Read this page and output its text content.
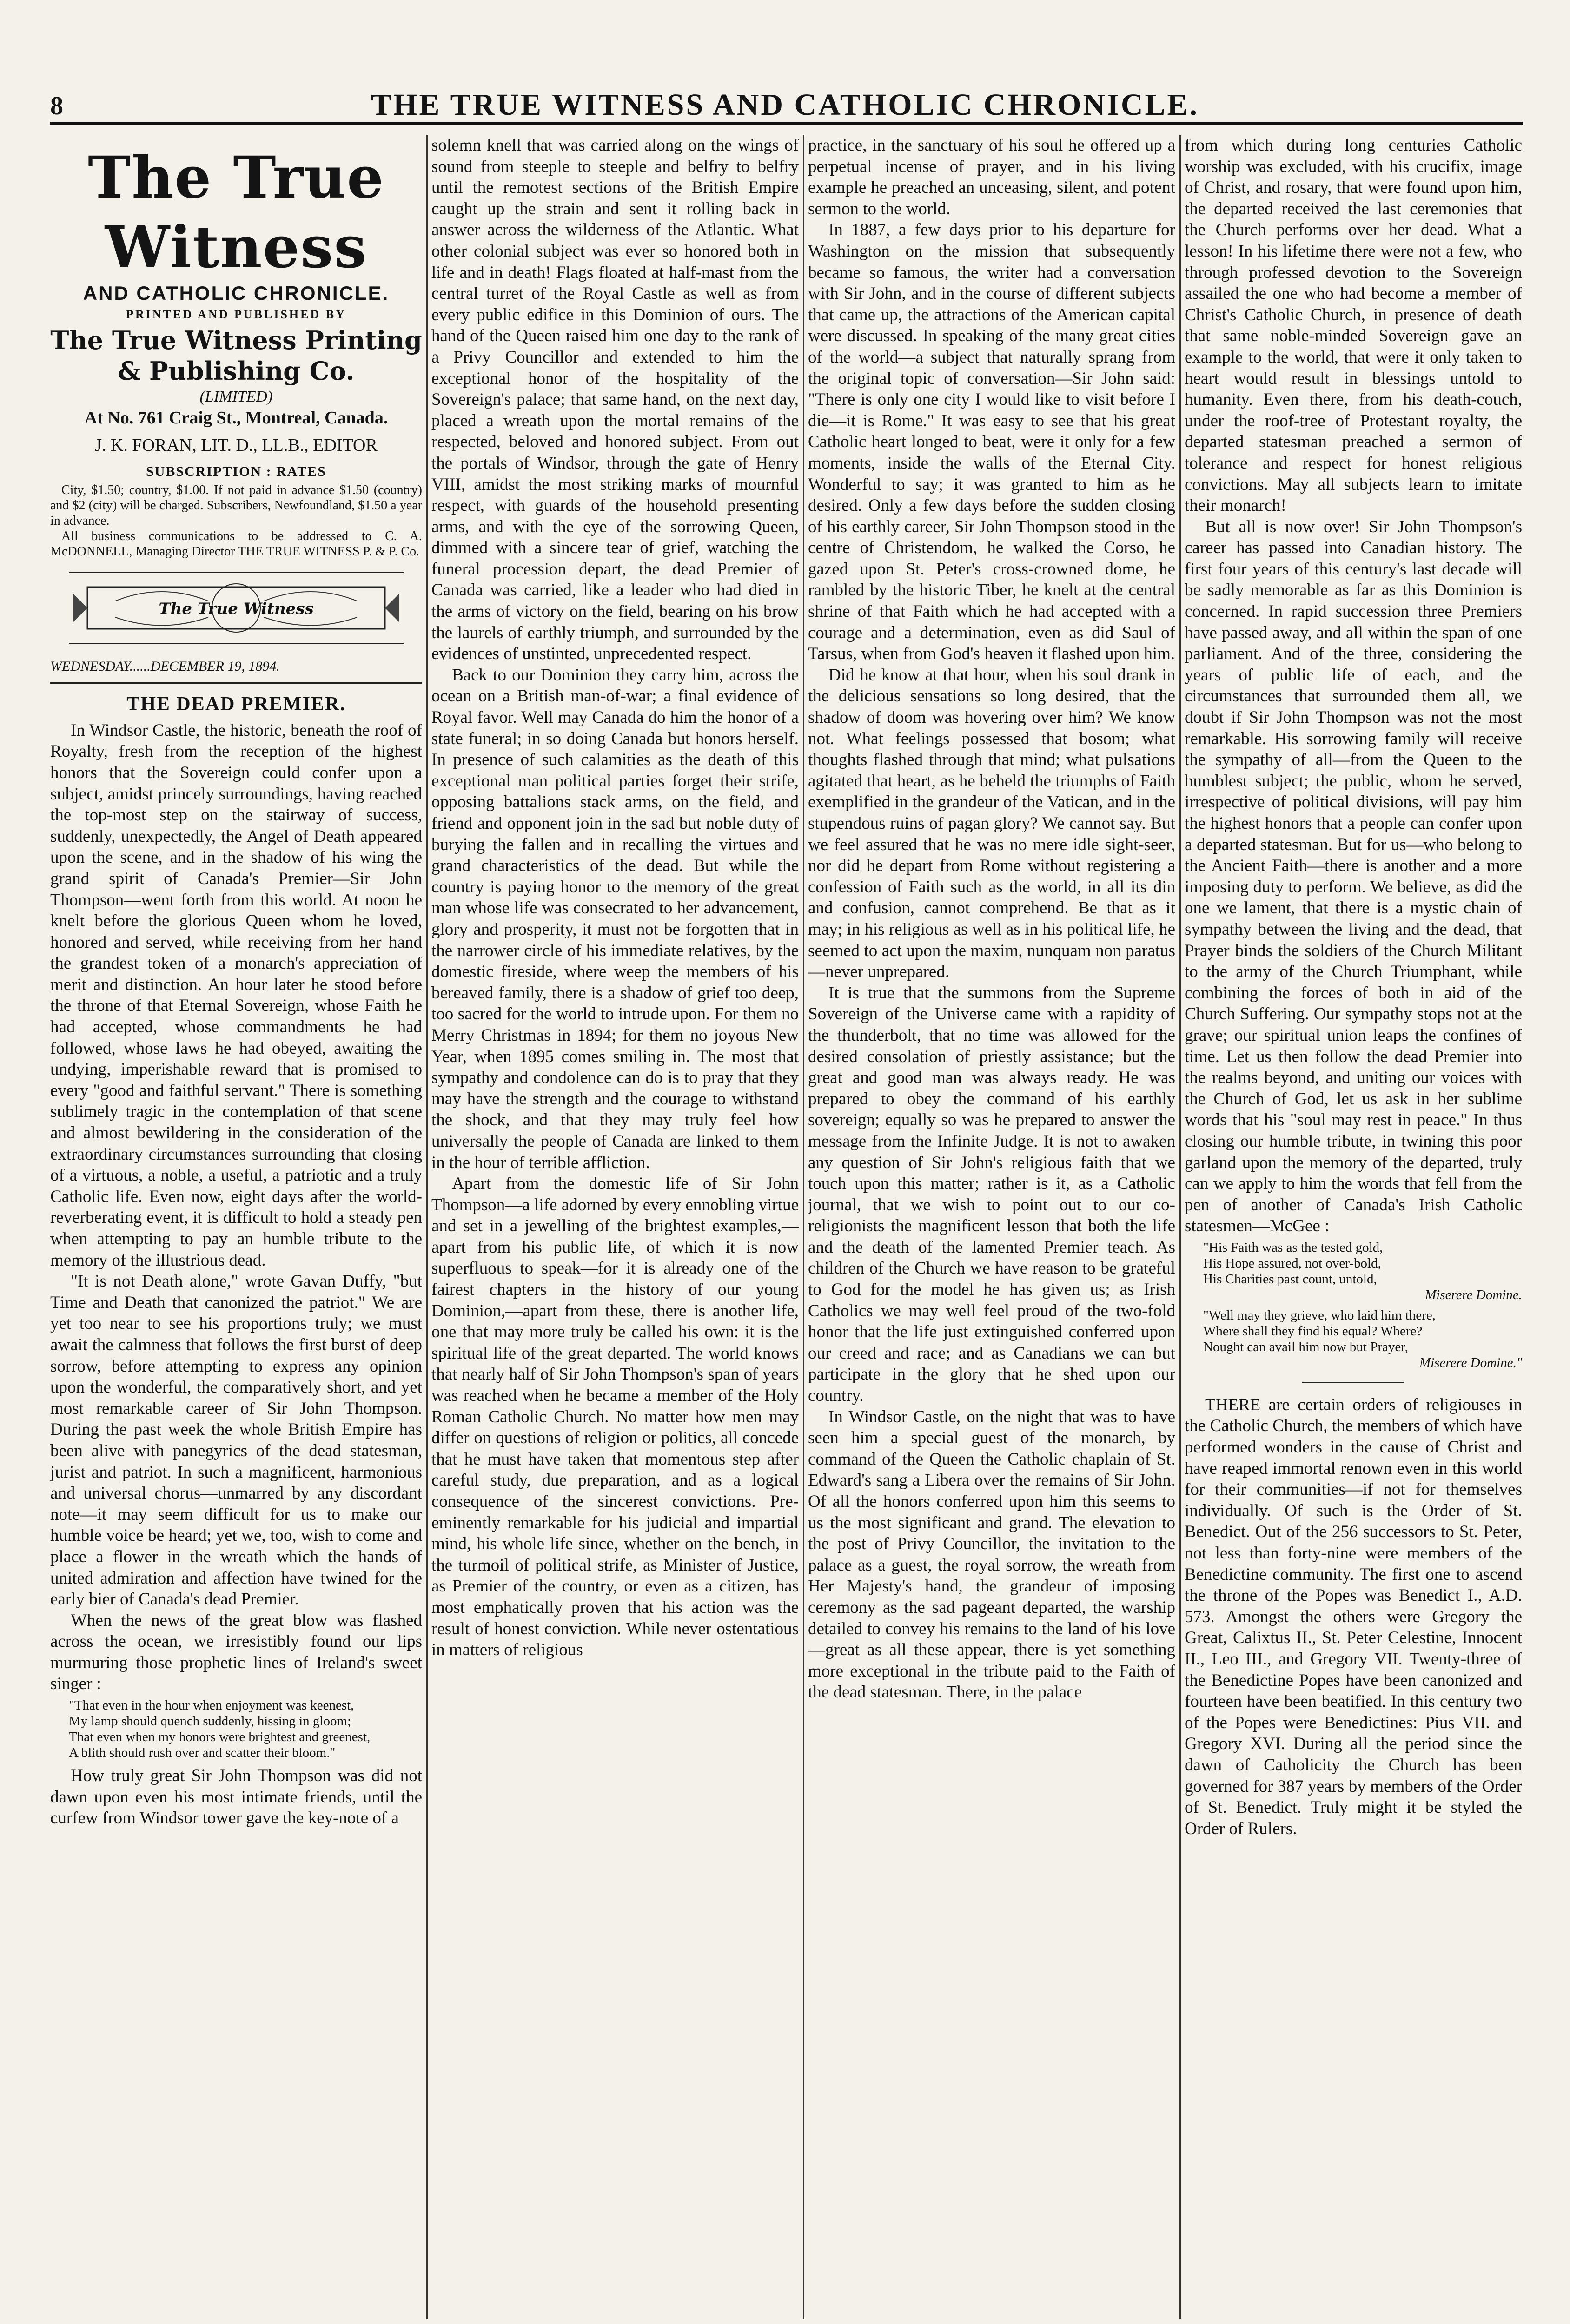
8	THE TRUE WITNESS AND CATHOLIC CHRONICLE.
The True Witness
AND CATHOLIC CHRONICLE.
PRINTED AND PUBLISHED BY
The True Witness Printing & Publishing Co.
(LIMITED)
At No. 761 Craig St., Montreal, Canada.
J. K. FORAN, LIT. D., LL.B., EDITOR
SUBSCRIPTION : RATES

City, $1.50; country, $1.00. If not paid in advance $1.50 (country) and $2 (city) will be charged. Subscribers, Newfoundland, $1.50 a year in advance.

All business communications to be addressed to C. A. McDONNELL, Managing Director THE TRUE WITNESS P. & P. Co.

The True Witness
WEDNESDAY......DECEMBER 19, 1894.
THE DEAD PREMIER.

In Windsor Castle, the historic, beneath the roof of Royalty, fresh from the reception of the highest honors that the Sovereign could confer upon a subject, amidst princely surroundings, having reached the top-most step on the stairway of success, suddenly, unexpectedly, the Angel of Death appeared upon the scene, and in the shadow of his wing the grand spirit of Canada's Premier—Sir John Thompson—went forth from this world. At noon he knelt before the glorious Queen whom he loved, honored and served, while receiving from her hand the grandest token of a monarch's appreciation of merit and distinction. An hour later he stood before the throne of that Eternal Sovereign, whose Faith he had accepted, whose commandments he had followed, whose laws he had obeyed, awaiting the undying, imperishable reward that is promised to every "good and faithful servant." There is something sublimely tragic in the contemplation of that scene and almost bewildering in the consideration of the extraordinary circumstances surrounding that closing of a virtuous, a noble, a useful, a patriotic and a truly Catholic life. Even now, eight days after the world-reverberating event, it is difficult to hold a steady pen when attempting to pay an humble tribute to the memory of the illustrious dead.

"It is not Death alone," wrote Gavan Duffy, "but Time and Death that canonized the patriot." We are yet too near to see his proportions truly; we must await the calmness that follows the first burst of deep sorrow, before attempting to express any opinion upon the wonderful, the comparatively short, and yet most remarkable career of Sir John Thompson. During the past week the whole British Empire has been alive with panegyrics of the dead statesman, jurist and patriot. In such a magnificent, harmonious and universal chorus—unmarred by any discordant note—it may seem difficult for us to make our humble voice be heard; yet we, too, wish to come and place a flower in the wreath which the hands of united admiration and affection have twined for the early bier of Canada's dead Premier.

When the news of the great blow was flashed across the ocean, we irresistibly found our lips murmuring those prophetic lines of Ireland's sweet singer :

"That even in the hour when enjoyment was keenest,
My lamp should quench suddenly, hissing in gloom;
That even when my honors were brightest and greenest,
A blith should rush over and scatter their bloom."

How truly great Sir John Thompson was did not dawn upon even his most intimate friends, until the curfew from Windsor tower gave the key-note of a

solemn knell that was carried along on the wings of sound from steeple to steeple and belfry to belfry until the remotest sections of the British Empire caught up the strain and sent it rolling back in answer across the wilderness of the Atlantic. What other colonial subject was ever so honored both in life and in death! Flags floated at half-mast from the central turret of the Royal Castle as well as from every public edifice in this Dominion of ours. The hand of the Queen raised him one day to the rank of a Privy Councillor and extended to him the exceptional honor of the hospitality of the Sovereign's palace; that same hand, on the next day, placed a wreath upon the mortal remains of the respected, beloved and honored subject. From out the portals of Windsor, through the gate of Henry VIII, amidst the most striking marks of mournful respect, with guards of the household presenting arms, and with the eye of the sorrowing Queen, dimmed with a sincere tear of grief, watching the funeral procession depart, the dead Premier of Canada was carried, like a leader who had died in the arms of victory on the field, bearing on his brow the laurels of earthly triumph, and surrounded by the evidences of unstinted, unprecedented respect.

Back to our Dominion they carry him, across the ocean on a British man-of-war; a final evidence of Royal favor. Well may Canada do him the honor of a state funeral; in so doing Canada but honors herself. In presence of such calamities as the death of this exceptional man political parties forget their strife, opposing battalions stack arms, on the field, and friend and opponent join in the sad but noble duty of burying the fallen and in recalling the virtues and grand characteristics of the dead. But while the country is paying honor to the memory of the great man whose life was consecrated to her advancement, glory and prosperity, it must not be forgotten that in the narrower circle of his immediate relatives, by the domestic fireside, where weep the members of his bereaved family, there is a shadow of grief too deep, too sacred for the world to intrude upon. For them no Merry Christmas in 1894; for them no joyous New Year, when 1895 comes smiling in. The most that sympathy and condolence can do is to pray that they may have the strength and the courage to withstand the shock, and that they may truly feel how universally the people of Canada are linked to them in the hour of terrible affliction.

Apart from the domestic life of Sir John Thompson—a life adorned by every ennobling virtue and set in a jewelling of the brightest examples,—apart from his public life, of which it is now superfluous to speak—for it is already one of the fairest chapters in the history of our young Dominion,—apart from these, there is another life, one that may more truly be called his own: it is the spiritual life of the great departed. The world knows that nearly half of Sir John Thompson's span of years was reached when he became a member of the Holy Roman Catholic Church. No matter how men may differ on questions of religion or politics, all concede that he must have taken that momentous step after careful study, due preparation, and as a logical consequence of the sincerest convictions. Pre-eminently remarkable for his judicial and impartial mind, his whole life since, whether on the bench, in the turmoil of political strife, as Minister of Justice, as Premier of the country, or even as a citizen, has most emphatically proven that his action was the result of honest conviction. While never ostentatious in matters of religious

practice, in the sanctuary of his soul he offered up a perpetual incense of prayer, and in his living example he preached an unceasing, silent, and potent sermon to the world.

In 1887, a few days prior to his departure for Washington on the mission that subsequently became so famous, the writer had a conversation with Sir John, and in the course of different subjects that came up, the attractions of the American capital were discussed. In speaking of the many great cities of the world—a subject that naturally sprang from the original topic of conversation—Sir John said: "There is only one city I would like to visit before I die—it is Rome." It was easy to see that his great Catholic heart longed to beat, were it only for a few moments, inside the walls of the Eternal City. Wonderful to say; it was granted to him as he desired. Only a few days before the sudden closing of his earthly career, Sir John Thompson stood in the centre of Christendom, he walked the Corso, he gazed upon St. Peter's cross-crowned dome, he rambled by the historic Tiber, he knelt at the central shrine of that Faith which he had accepted with a courage and a determination, even as did Saul of Tarsus, when from God's heaven it flashed upon him.

Did he know at that hour, when his soul drank in the delicious sensations so long desired, that the shadow of doom was hovering over him? We know not. What feelings possessed that bosom; what thoughts flashed through that mind; what pulsations agitated that heart, as he beheld the triumphs of Faith exemplified in the grandeur of the Vatican, and in the stupendous ruins of pagan glory? We cannot say. But we feel assured that he was no mere idle sight-seer, nor did he depart from Rome without registering a confession of Faith such as the world, in all its din and confusion, cannot comprehend. Be that as it may; in his religious as well as in his political life, he seemed to act upon the maxim, nunquam non paratus—never unprepared.

It is true that the summons from the Supreme Sovereign of the Universe came with a rapidity of the thunderbolt, that no time was allowed for the desired consolation of priestly assistance; but the great and good man was always ready. He was prepared to obey the command of his earthly sovereign; equally so was he prepared to answer the message from the Infinite Judge. It is not to awaken any question of Sir John's religious faith that we touch upon this matter; rather is it, as a Catholic journal, that we wish to point out to our co-religionists the magnificent lesson that both the life and the death of the lamented Premier teach. As children of the Church we have reason to be grateful to God for the model he has given us; as Irish Catholics we may well feel proud of the two-fold honor that the life just extinguished conferred upon our creed and race; and as Canadians we can but participate in the glory that he shed upon our country.

In Windsor Castle, on the night that was to have seen him a special guest of the monarch, by command of the Queen the Catholic chaplain of St. Edward's sang a Libera over the remains of Sir John. Of all the honors conferred upon him this seems to us the most significant and grand. The elevation to the post of Privy Councillor, the invitation to the palace as a guest, the royal sorrow, the wreath from Her Majesty's hand, the grandeur of imposing ceremony as the sad pageant departed, the warship detailed to convey his remains to the land of his love—great as all these appear, there is yet something more exceptional in the tribute paid to the Faith of the dead statesman. There, in the palace

from which during long centuries Catholic worship was excluded, with his crucifix, image of Christ, and rosary, that were found upon him, the departed received the last ceremonies that the Church performs over her dead. What a lesson! In his lifetime there were not a few, who through professed devotion to the Sovereign assailed the one who had become a member of Christ's Catholic Church, in presence of death that same noble-minded Sovereign gave an example to the world, that were it only taken to heart would result in blessings untold to humanity. Even there, from his death-couch, under the roof-tree of Protestant royalty, the departed statesman preached a sermon of tolerance and respect for honest religious convictions. May all subjects learn to imitate their monarch!

But all is now over! Sir John Thompson's career has passed into Canadian history. The first four years of this century's last decade will be sadly memorable as far as this Dominion is concerned. In rapid succession three Premiers have passed away, and all within the span of one parliament. And of the three, considering the years of public life of each, and the circumstances that surrounded them all, we doubt if Sir John Thompson was not the most remarkable. His sorrowing family will receive the sympathy of all—from the Queen to the humblest subject; the public, whom he served, irrespective of political divisions, will pay him the highest honors that a people can confer upon a departed statesman. But for us—who belong to the Ancient Faith—there is another and a more imposing duty to perform. We believe, as did the one we lament, that there is a mystic chain of sympathy between the living and the dead, that Prayer binds the soldiers of the Church Militant to the army of the Church Triumphant, while combining the forces of both in aid of the Church Suffering. Our sympathy stops not at the grave; our spiritual union leaps the confines of time. Let us then follow the dead Premier into the realms beyond, and uniting our voices with the Church of God, let us ask in her sublime words that his "soul may rest in peace." In thus closing our humble tribute, in twining this poor garland upon the memory of the departed, truly can we apply to him the words that fell from the pen of another of Canada's Irish Catholic statesmen—McGee :

"His Faith was as the tested gold,
His Hope assured, not over-bold,
His Charities past count, untold,
Miserere Domine.
"Well may they grieve, who laid him there,
Where shall they find his equal? Where?
Nought can avail him now but Prayer,
Miserere Domine."

THERE are certain orders of religiouses in the Catholic Church, the members of which have performed wonders in the cause of Christ and have reaped immortal renown even in this world for their communities—if not for themselves individually. Of such is the Order of St. Benedict. Out of the 256 successors to St. Peter, not less than forty-nine were members of the Benedictine community. The first one to ascend the throne of the Popes was Benedict I., A.D. 573. Amongst the others were Gregory the Great, Calixtus II., St. Peter Celestine, Innocent II., Leo III., and Gregory VII. Twenty-three of the Benedictine Popes have been canonized and fourteen have been beatified. In this century two of the Popes were Benedictines: Pius VII. and Gregory XVI. During all the period since the dawn of Catholicity the Church has been governed for 387 years by members of the Order of St. Benedict. Truly might it be styled the Order of Rulers.
